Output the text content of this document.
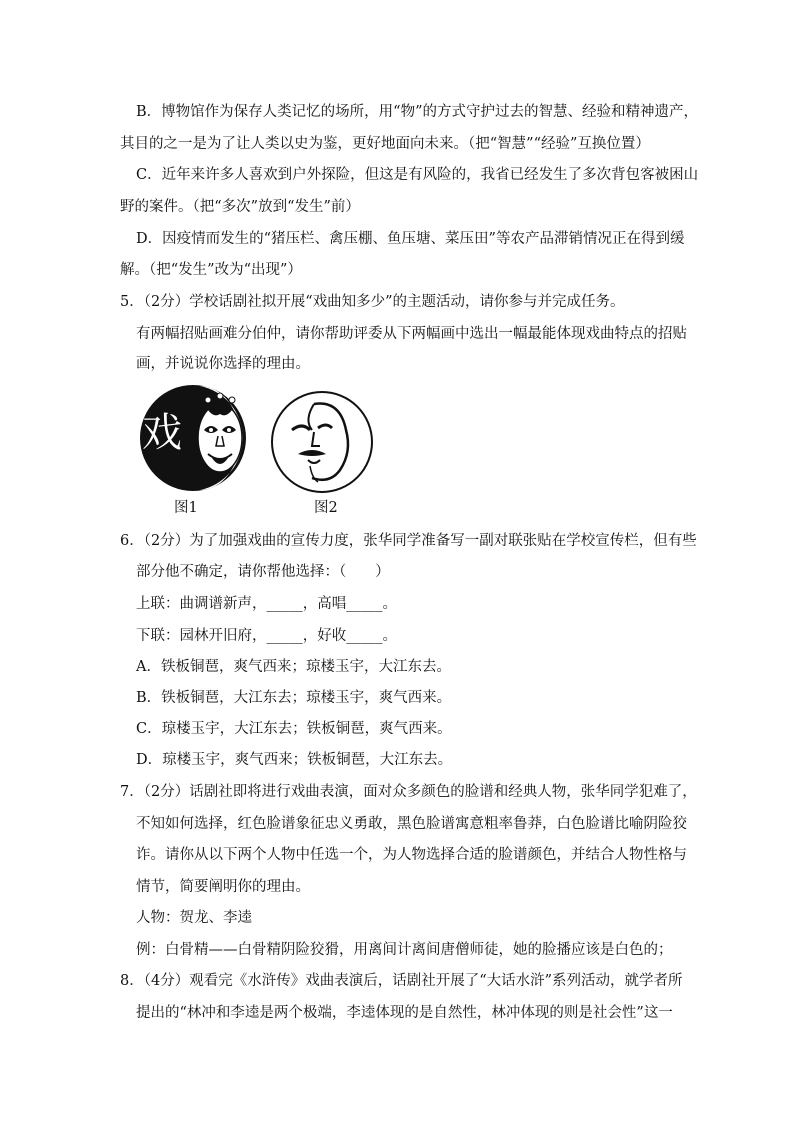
B．博物馆作为保存人类记忆的场所，用“物”的方式守护过去的智慧、经验和精神遗产，
其目的之一是为了让人类以史为鉴，更好地面向未来。（把“智慧”“经验”互换位置）
C．近年来许多人喜欢到户外探险，但这是有风险的，我省已经发生了多次背包客被困山
野的案件。（把“多次”放到“发生”前）
D．因疫情而发生的“猪压栏、禽压棚、鱼压塘、菜压田”等农产品滞销情况正在得到缓
解。（把“发生”改为“出现”）
5．（2分）学校话剧社拟开展“戏曲知多少”的主题活动，请你参与并完成任务。
有两幅招贴画难分伯仲，请你帮助评委从下两幅画中选出一幅最能体现戏曲特点的招贴
画，并说说你选择的理由。
戏
图1	图2
6．（2分）为了加强戏曲的宣传力度，张华同学准备写一副对联张贴在学校宣传栏，但有些
部分他不确定，请你帮他选择：（　　）
上联：曲调谱新声，_____，高唱_____。
下联：园林开旧府，_____，好收_____。
A．铁板铜琶，爽气西来；琼楼玉宇，大江东去。
B．铁板铜琶，大江东去；琼楼玉宇，爽气西来。
C．琼楼玉宇，大江东去；铁板铜琶，爽气西来。
D．琼楼玉宇，爽气西来；铁板铜琶，大江东去。
7．（2分）话剧社即将进行戏曲表演，面对众多颜色的脸谱和经典人物，张华同学犯难了，
不知如何选择，红色脸谱象征忠义勇敢，黑色脸谱寓意粗率鲁莽，白色脸谱比喻阴险狡
诈。请你从以下两个人物中任选一个，为人物选择合适的脸谱颜色，并结合人物性格与
情节，简要阐明你的理由。
人物：贺龙、李逵
例：白骨精——白骨精阴险狡猾，用离间计离间唐僧师徒，她的脸播应该是白色的；
8．（4分）观看完《水浒传》戏曲表演后，话剧社开展了“大话水浒”系列活动，就学者所
提出的“林冲和李逵是两个极端，李逵体现的是自然性，林冲体现的则是社会性”这一
